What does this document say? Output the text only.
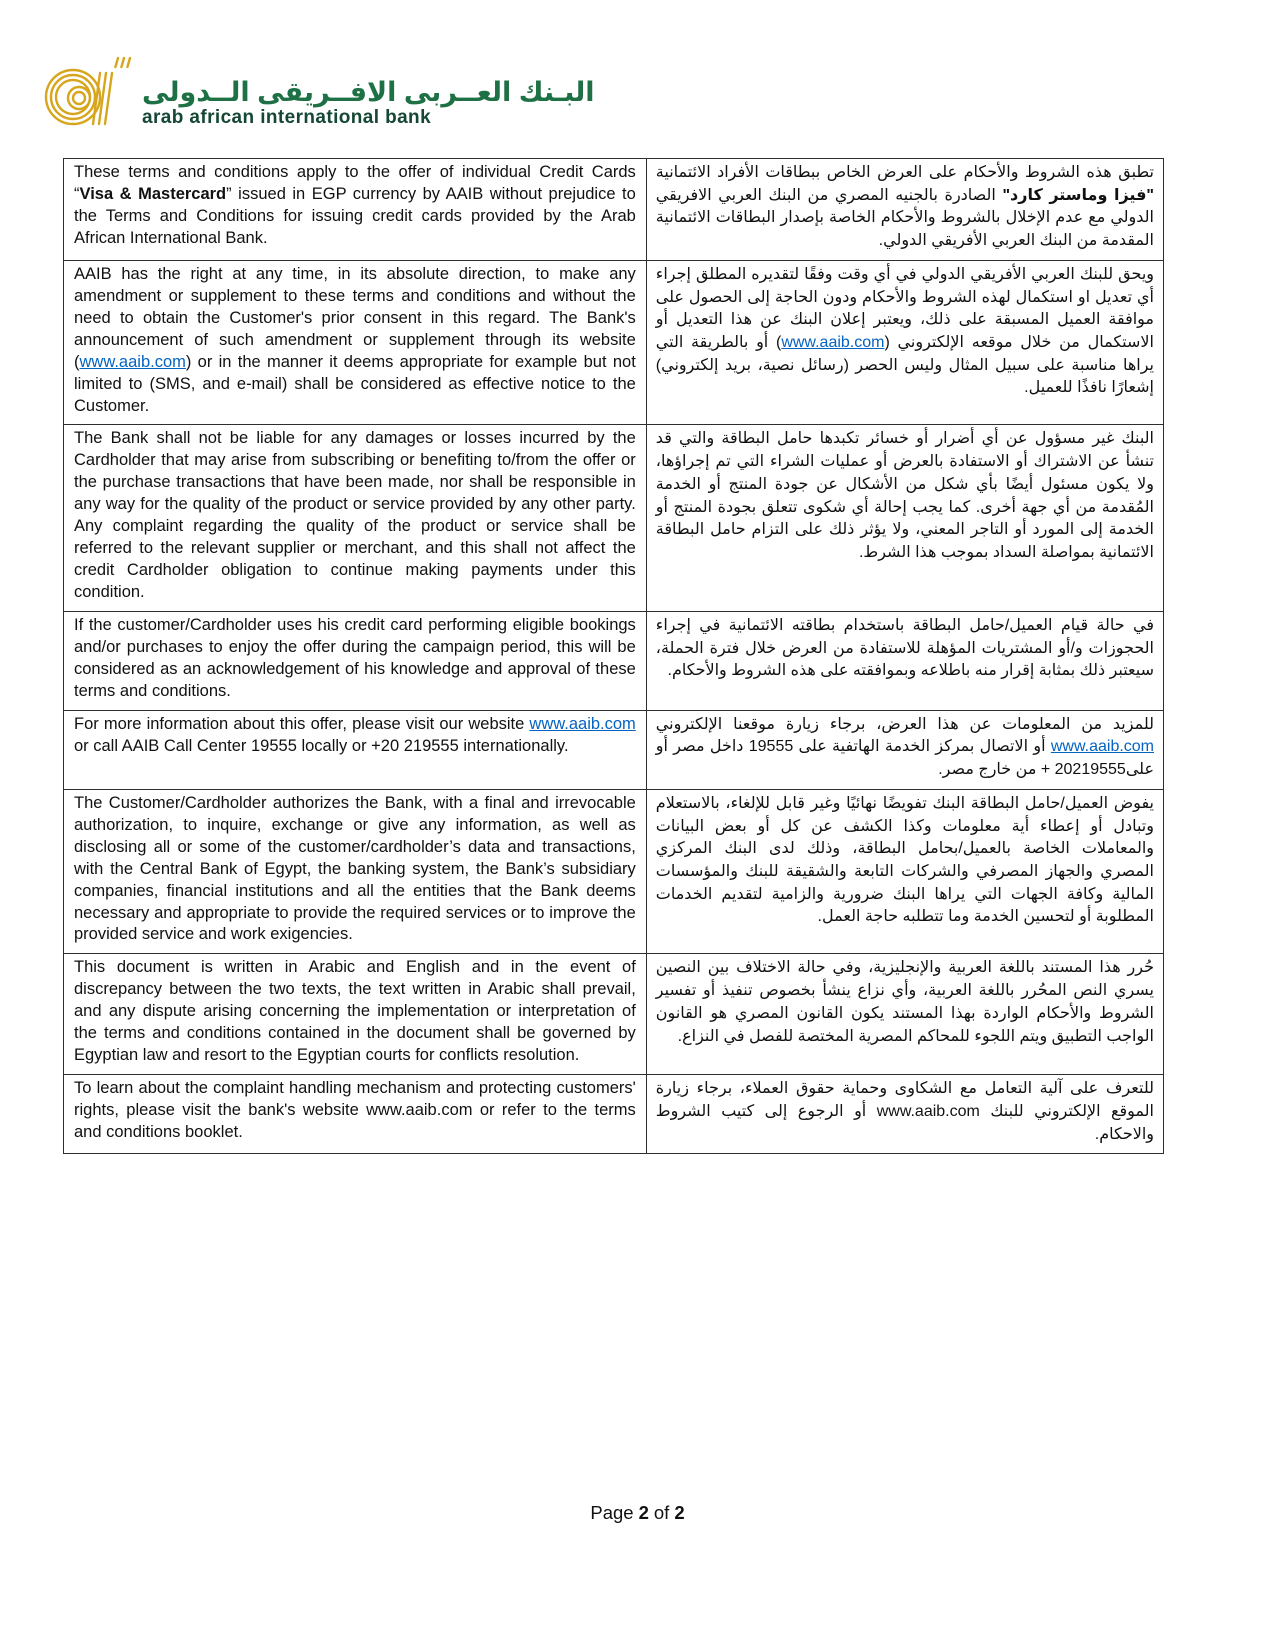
البـنك العــربى الافــريقى الــدولى
arab african international bank
These terms and conditions apply to the offer of individual Credit Cards “Visa & Mastercard” issued in EGP currency by AAIB without prejudice to the Terms and Conditions for issuing credit cards provided by the Arab African International Bank.	تطبق هذه الشروط والأحكام على العرض الخاص ببطاقات الأفراد الائتمانية "فيزا وماستر كارد" الصادرة بالجنيه المصري من البنك العربي الافريقي الدولي مع عدم الإخلال بالشروط والأحكام الخاصة بإصدار البطاقات الائتمانية المقدمة من البنك العربي الأفريقي الدولي.
AAIB has the right at any time, in its absolute direction, to make any amendment or supplement to these terms and conditions and without the need to obtain the Customer's prior consent in this regard. The Bank's announcement of such amendment or supplement through its website (www.aaib.com) or in the manner it deems appropriate for example but not limited to (SMS, and e-mail) shall be considered as effective notice to the Customer.	ويحق للبنك العربي الأفريقي الدولي في أي وقت وفقًا لتقديره المطلق إجراء أي تعديل او استكمال لهذه الشروط والأحكام ودون الحاجة إلى الحصول على موافقة العميل المسبقة على ذلك، ويعتبر إعلان البنك عن هذا التعديل أو الاستكمال من خلال موقعه الإلكتروني (www.aaib.com) أو بالطريقة التي يراها مناسبة على سبيل المثال وليس الحصر (رسائل نصية، بريد إلكتروني) إشعارًا نافذًا للعميل.
The Bank shall not be liable for any damages or losses incurred by the Cardholder that may arise from subscribing or benefiting to/from the offer or the purchase transactions that have been made, nor shall be responsible in any way for the quality of the product or service provided by any other party. Any complaint regarding the quality of the product or service shall be referred to the relevant supplier or merchant, and this shall not affect the credit Cardholder obligation to continue making payments under this condition.	البنك غير مسؤول عن أي أضرار أو خسائر تكبدها حامل البطاقة والتي قد تنشأ عن الاشتراك أو الاستفادة بالعرض أو عمليات الشراء التي تم إجراؤها، ولا يكون مسئول أيضًا بأي شكل من الأشكال عن جودة المنتج أو الخدمة المُقدمة من أي جهة أخرى. كما يجب إحالة أي شكوى تتعلق بجودة المنتج أو الخدمة إلى المورد أو التاجر المعني، ولا يؤثر ذلك على التزام حامل البطاقة الائتمانية بمواصلة السداد بموجب هذا الشرط.
If the customer/Cardholder uses his credit card performing eligible bookings and/or purchases to enjoy the offer during the campaign period, this will be considered as an acknowledgement of his knowledge and approval of these terms and conditions.	في حالة قيام العميل/حامل البطاقة باستخدام بطاقته الائتمانية في إجراء الحجوزات و/أو المشتريات المؤهلة للاستفادة من العرض خلال فترة الحملة، سيعتبر ذلك بمثابة إقرار منه باطلاعه وبموافقته على هذه الشروط والأحكام.
For more information about this offer, please visit our website www.aaib.com or call AAIB Call Center 19555 locally or +20 219555 internationally.	للمزيد من المعلومات عن هذا العرض، برجاء زيارة موقعنا الإلكتروني www.aaib.com أو الاتصال بمركز الخدمة الهاتفية على 19555 داخل مصر أو على20219555 + من خارج مصر.
The Customer/Cardholder authorizes the Bank, with a final and irrevocable authorization, to inquire, exchange or give any information, as well as disclosing all or some of the customer/cardholder’s data and transactions, with the Central Bank of Egypt, the banking system, the Bank’s subsidiary companies, financial institutions and all the entities that the Bank deems necessary and appropriate to provide the required services or to improve the provided service and work exigencies.	يفوض العميل/حامل البطاقة البنك تفويضًا نهائيًا وغير قابل للإلغاء، بالاستعلام وتبادل أو إعطاء أية معلومات وكذا الكشف عن كل أو بعض البيانات والمعاملات الخاصة بالعميل/بحامل البطاقة، وذلك لدى البنك المركزي المصري والجهاز المصرفي والشركات التابعة والشقيقة للبنك والمؤسسات المالية وكافة الجهات التي يراها البنك ضرورية والزامية لتقديم الخدمات المطلوبة أو لتحسين الخدمة وما تتطلبه حاجة العمل.
This document is written in Arabic and English and in the event of discrepancy between the two texts, the text written in Arabic shall prevail, and any dispute arising concerning the implementation or interpretation of the terms and conditions contained in the document shall be governed by Egyptian law and resort to the Egyptian courts for conflicts resolution.	حُرر هذا المستند باللغة العربية والإنجليزية، وفي حالة الاختلاف بين النصين يسري النص المحُرر باللغة العربية، وأي نزاع ينشأ بخصوص تنفيذ أو تفسير الشروط والأحكام الواردة بهذا المستند يكون القانون المصري هو القانون الواجب التطبيق ويتم اللجوء للمحاكم المصرية المختصة للفصل في النزاع.
To learn about the complaint handling mechanism and protecting customers' rights, please visit the bank's website www.aaib.com or refer to the terms and conditions booklet.	للتعرف على آلية التعامل مع الشكاوى وحماية حقوق العملاء، برجاء زيارة الموقع الإلكتروني للبنك www.aaib.com أو الرجوع إلى كتيب الشروط والاحكام.
Page 2 of 2
